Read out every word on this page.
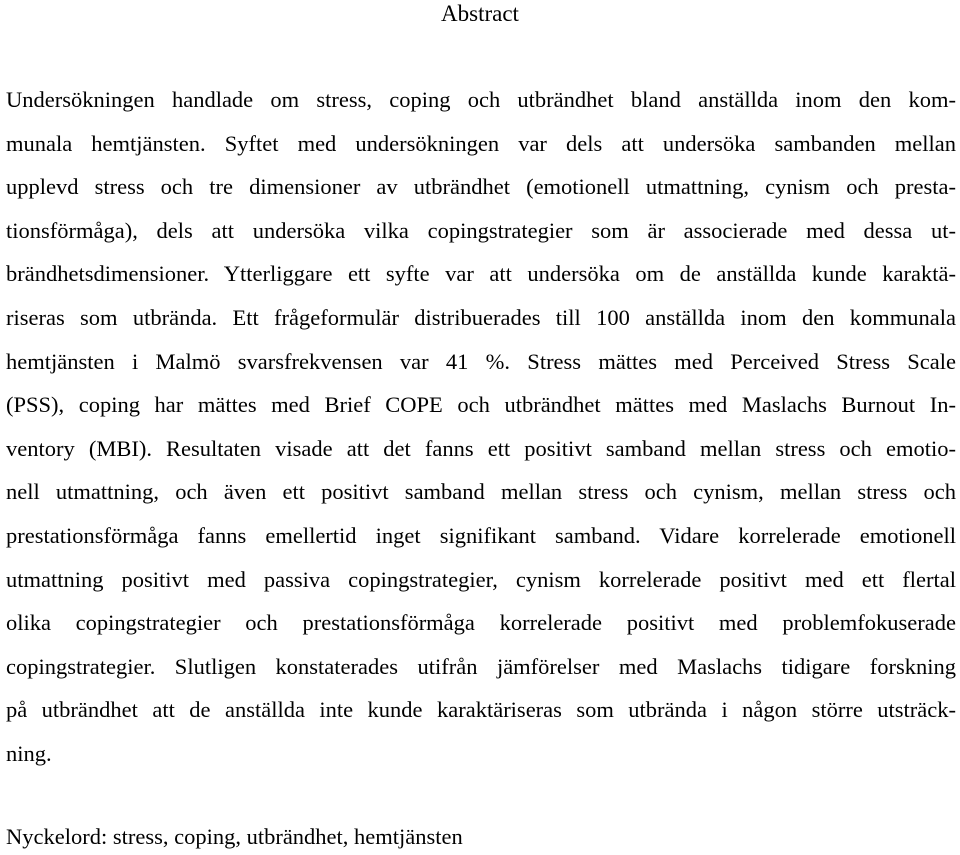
Abstract
Undersökningen handlade om stress, coping och utbrändhet bland anställda inom den kom-
munala hemtjänsten. Syftet med undersökningen var dels att undersöka sambanden mellan
upplevd stress och tre dimensioner av utbrändhet (emotionell utmattning, cynism och presta-
tionsförmåga), dels att undersöka vilka copingstrategier som är associerade med dessa ut-
brändhetsdimensioner. Ytterliggare ett syfte var att undersöka om de anställda kunde karaktä-
riseras som utbrända. Ett frågeformulär distribuerades till 100 anställda inom den kommunala
hemtjänsten i Malmö svarsfrekvensen var 41 %. Stress mättes med Perceived Stress Scale
(PSS), coping har mättes med Brief COPE och utbrändhet mättes med Maslachs Burnout In-
ventory (MBI). Resultaten visade att det fanns ett positivt samband mellan stress och emotio-
nell utmattning, och även ett positivt samband mellan stress och cynism, mellan stress och
prestationsförmåga fanns emellertid inget signifikant samband. Vidare korrelerade emotionell
utmattning positivt med passiva copingstrategier, cynism korrelerade positivt med ett flertal
olika copingstrategier och prestationsförmåga korrelerade positivt med problemfokuserade
copingstrategier. Slutligen konstaterades utifrån jämförelser med Maslachs tidigare forskning
på utbrändhet att de anställda inte kunde karaktäriseras som utbrända i någon större utsträck-
ning.
Nyckelord: stress, coping, utbrändhet, hemtjänsten
